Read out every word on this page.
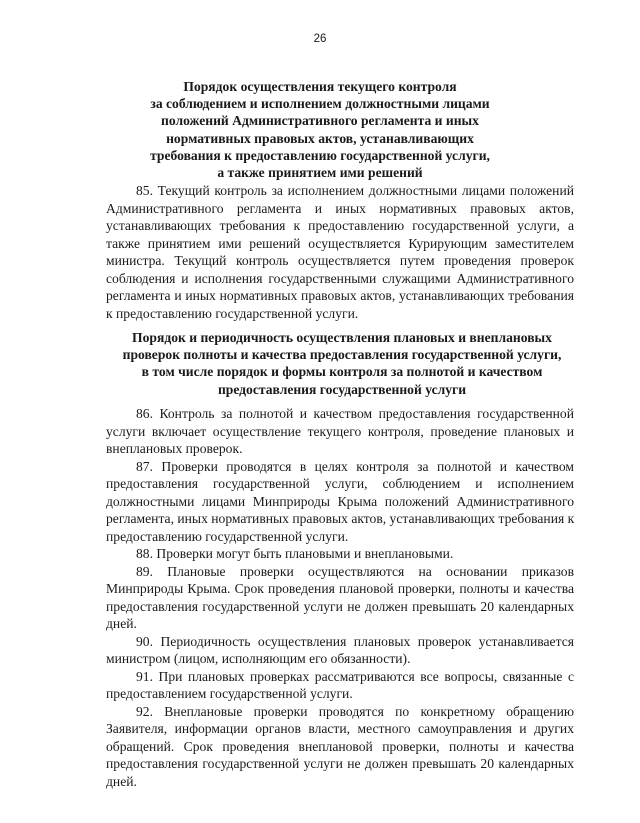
26
Порядок осуществления текущего контроля
за соблюдением и исполнением должностными лицами
положений Административного регламента и иных
нормативных правовых актов, устанавливающих
требования к предоставлению государственной услуги,
а также принятием ими решений
85. Текущий контроль за исполнением должностными лицами положений
Административного регламента и иных нормативных правовых актов,
устанавливающих требования к предоставлению государственной услуги, а
также принятием ими решений осуществляется Курирующим заместителем
министра. Текущий контроль осуществляется путем проведения проверок
соблюдения и исполнения государственными служащими Административного
регламента и иных нормативных правовых актов, устанавливающих требования
к предоставлению государственной услуги.
Порядок и периодичность осуществления плановых и внеплановых
проверок полноты и качества предоставления государственной услуги,
в том числе порядок и формы контроля за полнотой и качеством
предоставления государственной услуги
86. Контроль за полнотой и качеством предоставления государственной
услуги включает осуществление текущего контроля, проведение плановых и
внеплановых проверок.
87. Проверки проводятся в целях контроля за полнотой и качеством
предоставления государственной услуги, соблюдением и исполнением
должностными лицами Минприроды Крыма положений Административного
регламента, иных нормативных правовых актов, устанавливающих требования к
предоставлению государственной услуги.
88. Проверки могут быть плановыми и внеплановыми.
89. Плановые проверки осуществляются на основании приказов
Минприроды Крыма. Срок проведения плановой проверки, полноты и качества
предоставления государственной услуги не должен превышать 20 календарных
дней.
90. Периодичность осуществления плановых проверок устанавливается
министром (лицом, исполняющим его обязанности).
91. При плановых проверках рассматриваются все вопросы, связанные с
предоставлением государственной услуги.
92. Внеплановые проверки проводятся по конкретному обращению
Заявителя, информации органов власти, местного самоуправления и других
обращений. Срок проведения внеплановой проверки, полноты и качества
предоставления государственной услуги не должен превышать 20 календарных
дней.
